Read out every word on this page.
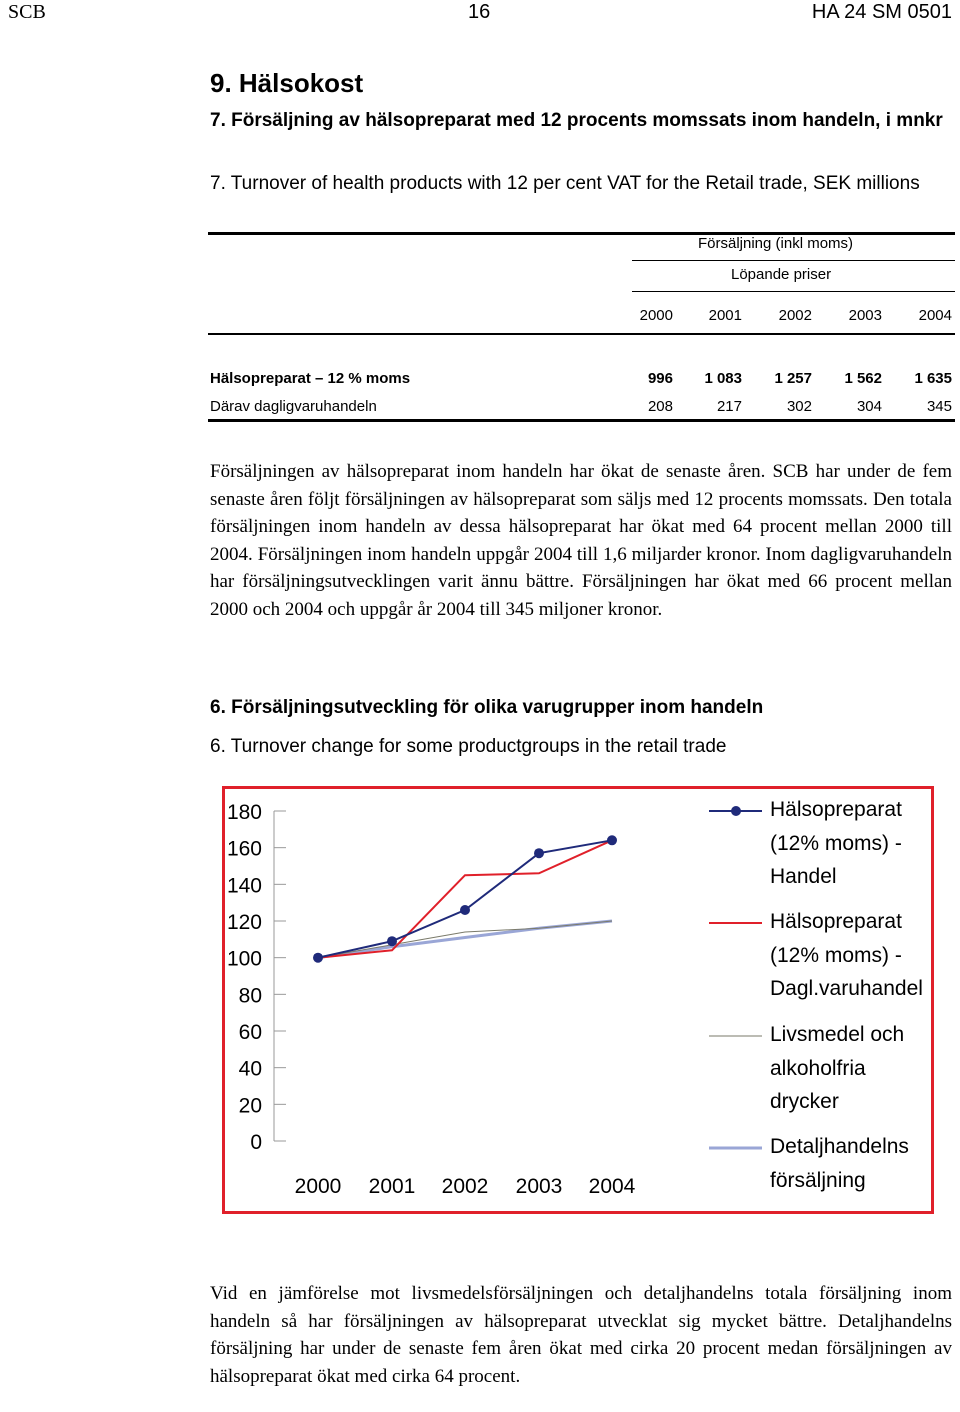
SCB	16	HA 24 SM 0501
9. Hälsokost
7. Försäljning av hälsopreparat med 12 procents momssats inom handeln, i mnkr
7. Turnover of health products with 12 per cent VAT for the Retail trade, SEK millions
Försäljning (inkl moms)
Löpande priser
2000	2001	2002	2003	2004
Hälsopreparat – 12 % moms	996	1 083	1 257	1 562	1 635
Därav dagligvaruhandeln	208	217	302	304	345
Försäljningen av hälsopreparat inom handeln har ökat de senaste åren. SCB har under de fem senaste åren följt försäljningen av hälsopreparat som säljs med 12 procents momssats. Den totala försäljningen inom handeln av dessa hälsopreparat har ökat med 64 procent mellan 2000 till 2004. Försäljningen inom handeln uppgår 2004 till 1,6 miljarder kronor. Inom dagligvaruhandeln har försäljningsutvecklingen varit ännu bättre. Försäljningen har ökat med 66 procent mellan 2000 och 2004 och uppgår år 2004 till 345 miljoner kronor.
6. Försäljningsutveckling för olika varugrupper inom handeln
6. Turnover change for some productgroups in the retail trade
0
20
40
60
80
100
120
140
160
180
2000 2001 2002 2003 2004
Hälsopreparat
(12% moms) -
Handel
Hälsopreparat
(12% moms) -
Dagl.varuhandel
Livsmedel och
alkoholfria
drycker
Detaljhandelns
försäljning
Vid en jämförelse mot livsmedelsförsäljningen och detaljhandelns totala försäljning inom handeln så har försäljningen av hälsopreparat utvecklat sig mycket bättre. Detaljhandelns försäljning har under de senaste fem åren ökat med cirka 20 procent medan försäljningen av hälsopreparat ökat med cirka 64 procent.
